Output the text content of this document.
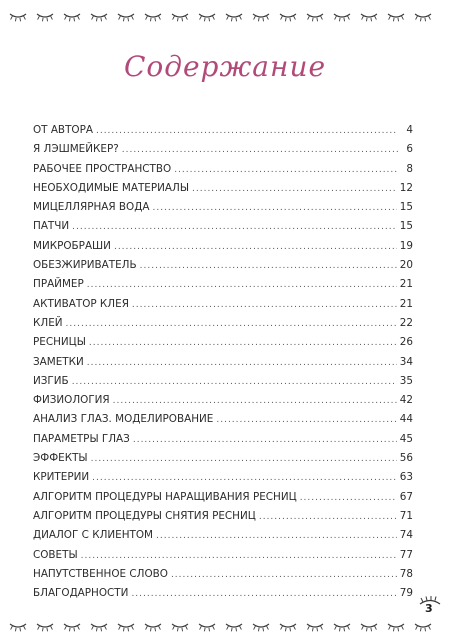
Содержание
ОТ АВТОРА .....	4
Я ЛЭШМЕЙКЕР? .....	6
РАБОЧЕЕ ПРОСТРАНСТВО .....	8
НЕОБХОДИМЫЕ МАТЕРИАЛЫ .....	12
МИЦЕЛЛЯРНАЯ ВОДА .....	15
ПАТЧИ .....	15
МИКРОБРАШИ .....	19
ОБЕЗЖИРИВАТЕЛЬ .....	20
ПРАЙМЕР .....	21
АКТИВАТОР КЛЕЯ .....	21
КЛЕЙ .....	22
РЕСНИЦЫ .....	26
ЗАМЕТКИ .....	34
ИЗГИБ .....	35
ФИЗИОЛОГИЯ .....	42
АНАЛИЗ ГЛАЗ. МОДЕЛИРОВАНИЕ .....	44
ПАРАМЕТРЫ ГЛАЗ .....	45
ЭФФЕКТЫ .....	56
КРИТЕРИИ .....	63
АЛГОРИТМ ПРОЦЕДУРЫ НАРАЩИВАНИЯ РЕСНИЦ .....	67
АЛГОРИТМ ПРОЦЕДУРЫ СНЯТИЯ РЕСНИЦ .....	71
ДИАЛОГ С КЛИЕНТОМ .....	74
СОВЕТЫ .....	77
НАПУТСТВЕННОЕ СЛОВО .....	78
БЛАГОДАРНОСТИ .....	79
3
